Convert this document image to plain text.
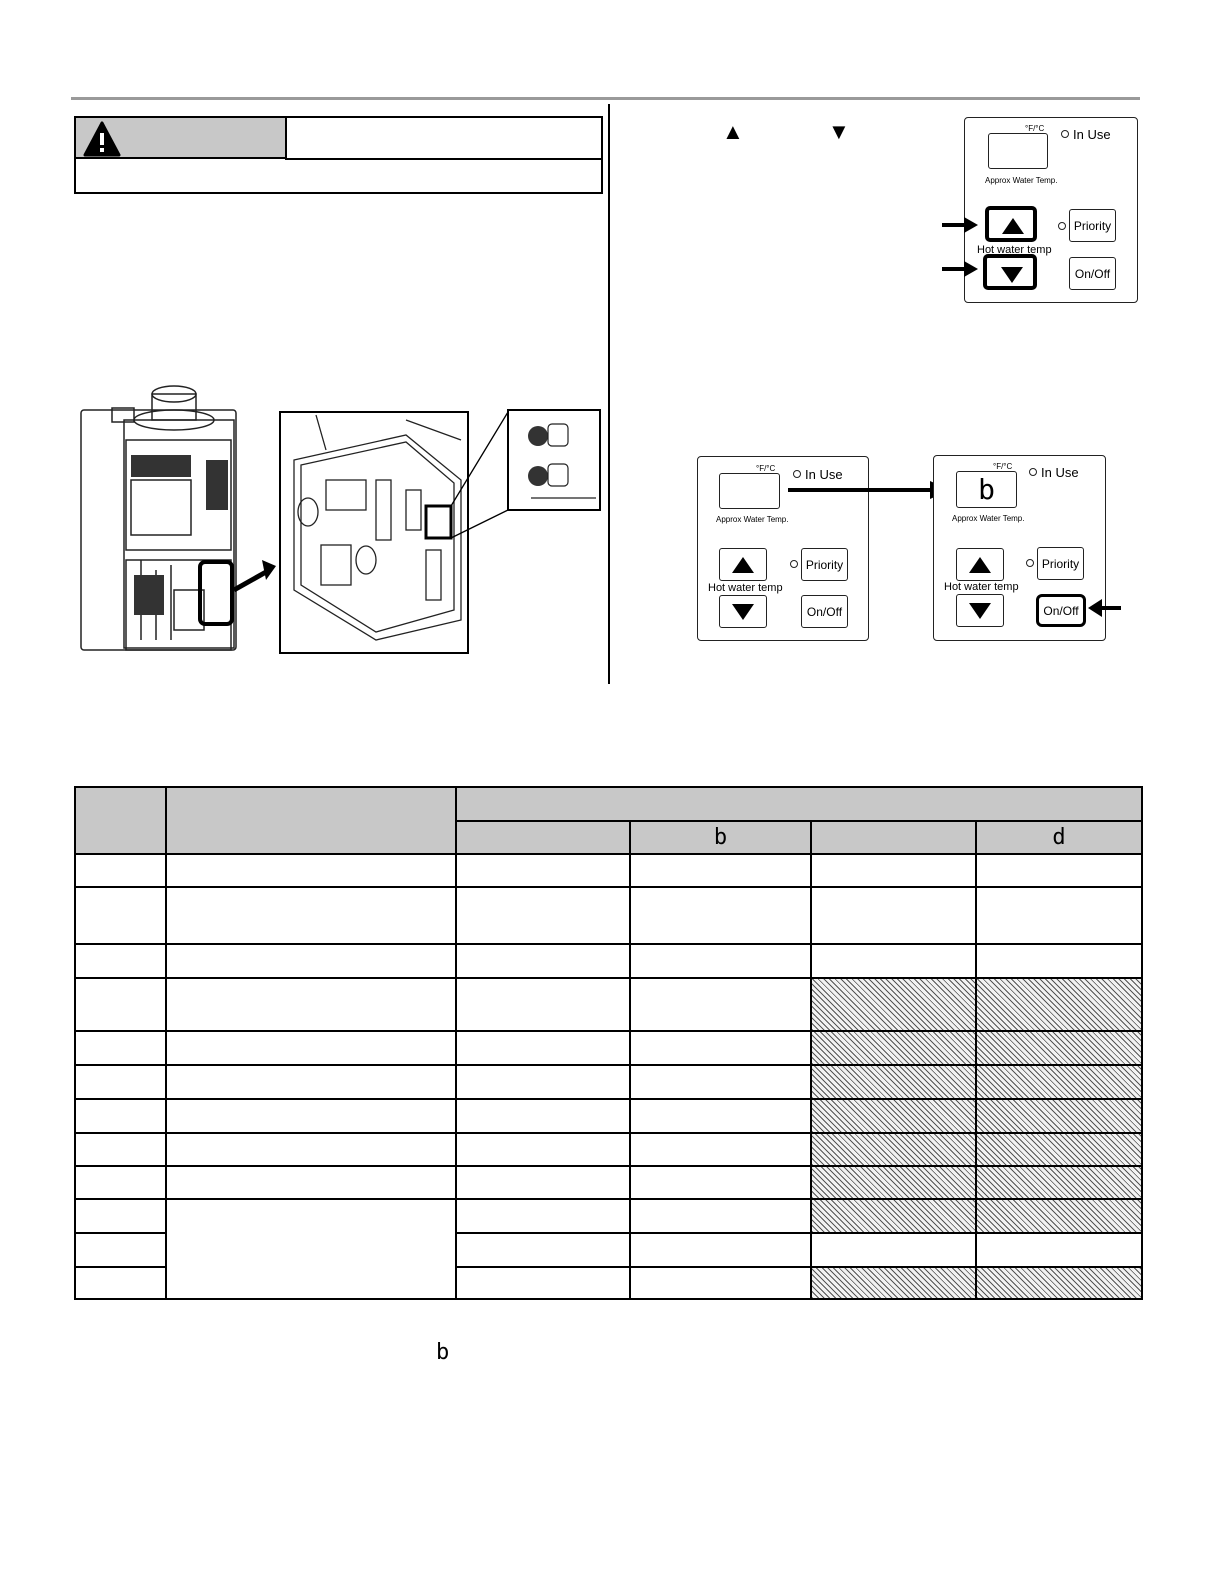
▲	▼	°F/°C In Use
Approx Water Temp.
Hot water temp
Priority
On/Off
°F/°C In Use
Approx Water Temp.
Hot water temp
Priority
On/Off
b
°F/°C In Use
Approx Water Temp.
Hot water temp
Priority
On/Off

			b		d

b
